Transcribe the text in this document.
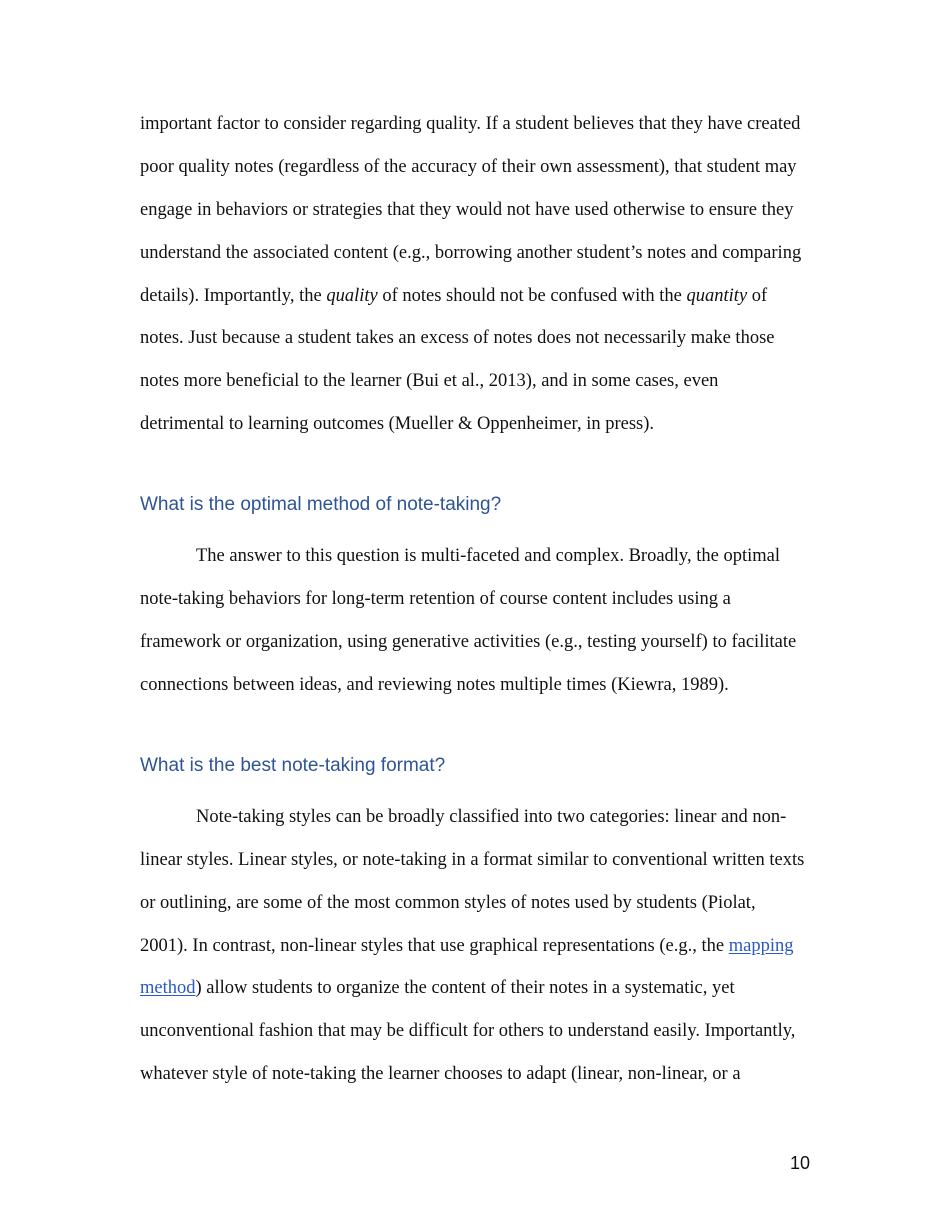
important factor to consider regarding quality. If a student believes that they have created
poor quality notes (regardless of the accuracy of their own assessment), that student may
engage in behaviors or strategies that they would not have used otherwise to ensure they
understand the associated content (e.g., borrowing another student’s notes and comparing
details). Importantly, the quality of notes should not be confused with the quantity of
notes. Just because a student takes an excess of notes does not necessarily make those
notes more beneficial to the learner (Bui et al., 2013), and in some cases, even
detrimental to learning outcomes (Mueller & Oppenheimer, in press).
What is the optimal method of note-taking?
The answer to this question is multi-faceted and complex. Broadly, the optimal
note-taking behaviors for long-term retention of course content includes using a
framework or organization, using generative activities (e.g., testing yourself) to facilitate
connections between ideas, and reviewing notes multiple times (Kiewra, 1989).
What is the best note-taking format?
Note-taking styles can be broadly classified into two categories: linear and non-
linear styles. Linear styles, or note-taking in a format similar to conventional written texts
or outlining, are some of the most common styles of notes used by students (Piolat,
2001). In contrast, non-linear styles that use graphical representations (e.g., the mapping
method) allow students to organize the content of their notes in a systematic, yet
unconventional fashion that may be difficult for others to understand easily. Importantly,
whatever style of note-taking the learner chooses to adapt (linear, non-linear, or a
10
